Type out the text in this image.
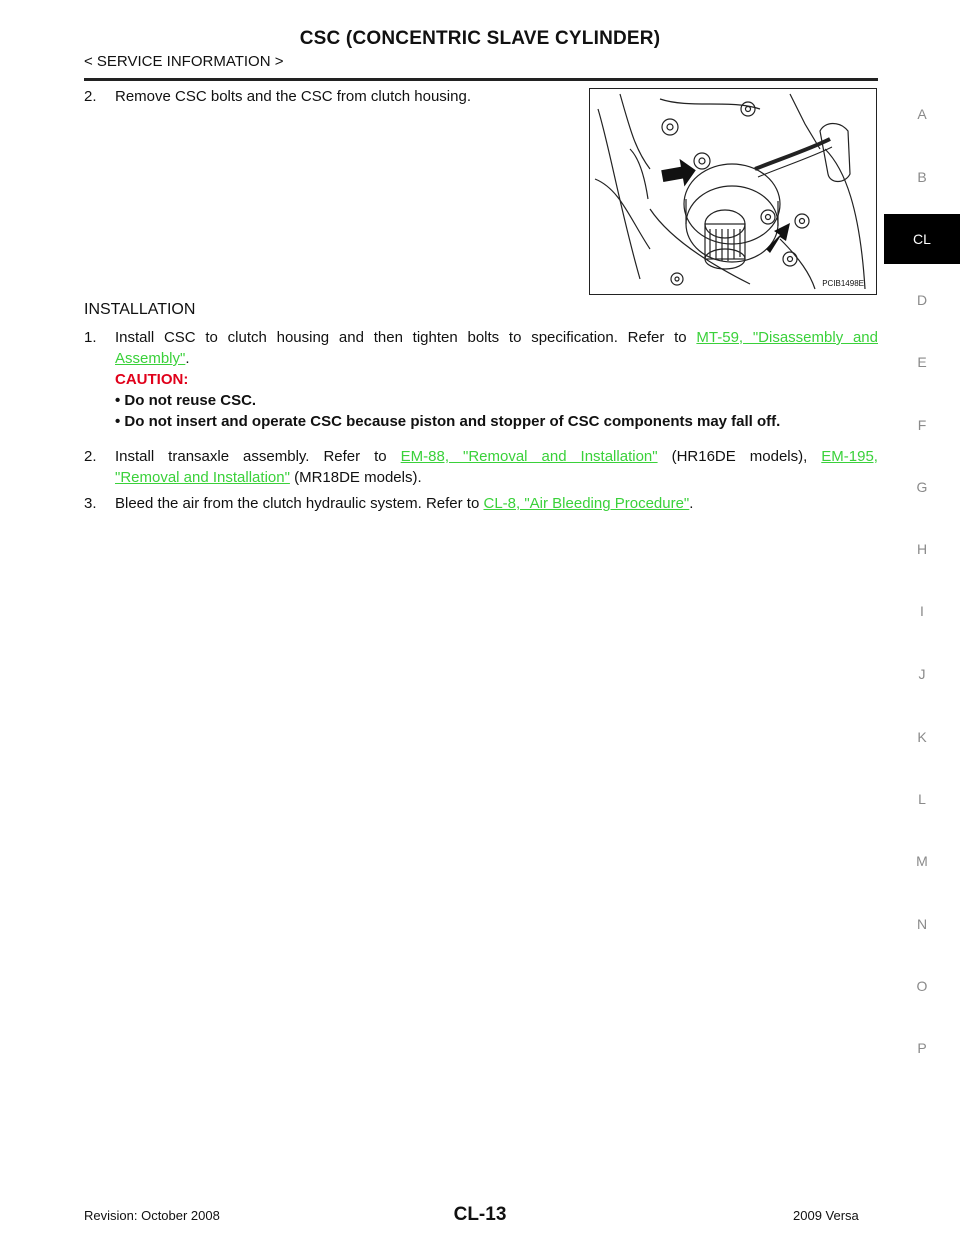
CSC (CONCENTRIC SLAVE CYLINDER)
< SERVICE INFORMATION >
2. Remove CSC bolts and the CSC from clutch housing.
PCIB1498E
INSTALLATION
1. Install CSC to clutch housing and then tighten bolts to specification. Refer to MT-59, "Disassembly and
Assembly".
CAUTION:
• Do not reuse CSC.
• Do not insert and operate CSC because piston and stopper of CSC components may fall off.
2. Install transaxle assembly. Refer to EM-88, "Removal and Installation" (HR16DE models), EM-195,
"Removal and Installation" (MR18DE models).
3. Bleed the air from the clutch hydraulic system. Refer to CL-8, "Air Bleeding Procedure".
A
B
CL
D
E
F
G
H
I
J
K
L
M
N
O
P
Revision: October 2008	CL-13	2009 Versa
